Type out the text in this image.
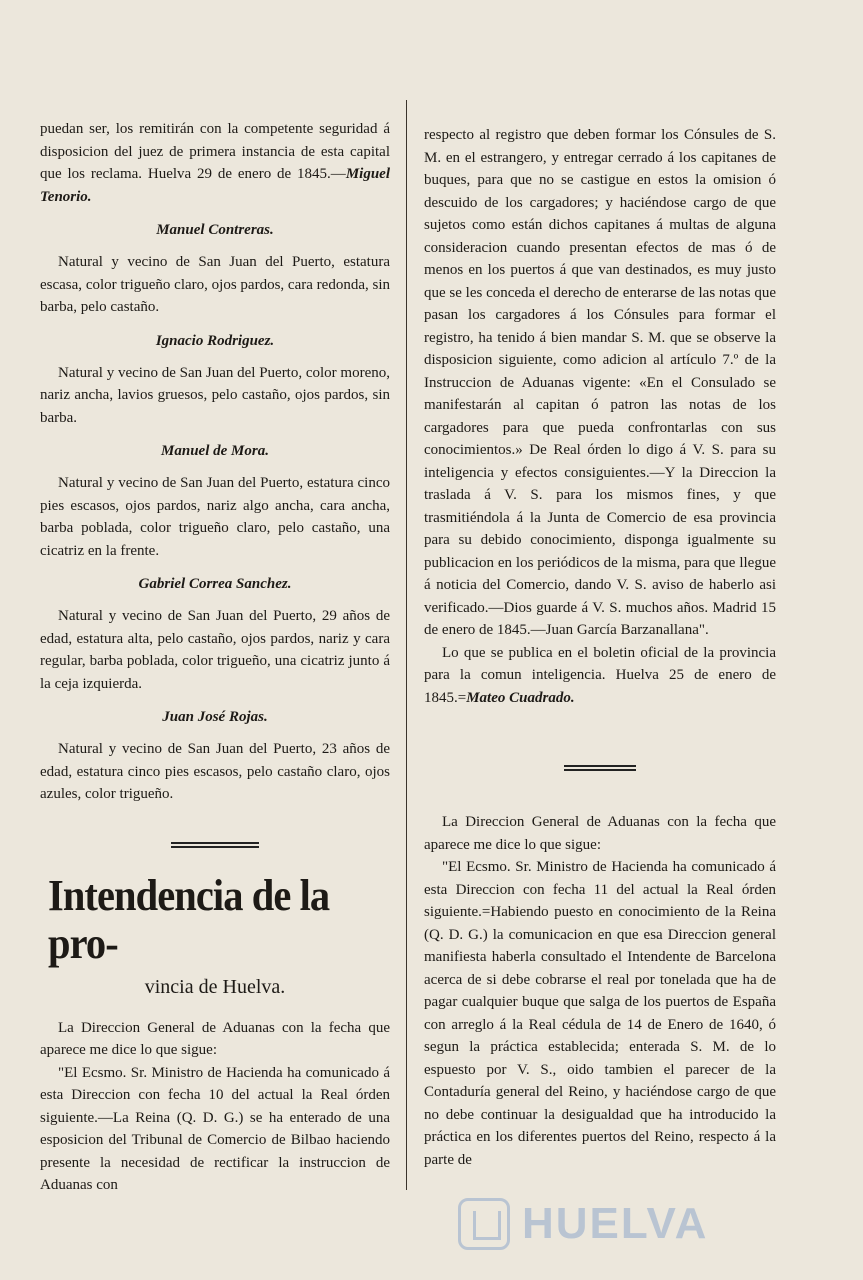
puedan ser, los remitirán con la competente seguridad á disposicion del juez de primera instancia de esta capital que los reclama. Huelva 29 de enero de 1845.—Miguel Tenorio.

Manuel Contreras.

Natural y vecino de San Juan del Puerto, estatura escasa, color trigueño claro, ojos pardos, cara redonda, sin barba, pelo castaño.

Ignacio Rodriguez.

Natural y vecino de San Juan del Puerto, color moreno, nariz ancha, lavios gruesos, pelo castaño, ojos pardos, sin barba.

Manuel de Mora.

Natural y vecino de San Juan del Puerto, estatura cinco pies escasos, ojos pardos, nariz algo ancha, cara ancha, barba poblada, color trigueño claro, pelo castaño, una cicatriz en la frente.

Gabriel Correa Sanchez.

Natural y vecino de San Juan del Puerto, 29 años de edad, estatura alta, pelo castaño, ojos pardos, nariz y cara regular, barba poblada, color trigueño, una cicatriz junto á la ceja izquierda.

Juan José Rojas.

Natural y vecino de San Juan del Puerto, 23 años de edad, estatura cinco pies escasos, pelo castaño claro, ojos azules, color trigueño.

Intendencia de la pro-
vincia de Huelva.

La Direccion General de Aduanas con la fecha que aparece me dice lo que sigue:

"El Ecsmo. Sr. Ministro de Hacienda ha comunicado á esta Direccion con fecha 10 del actual la Real órden siguiente.—La Reina (Q. D. G.) se ha enterado de una esposicion del Tribunal de Comercio de Bilbao haciendo presente la necesidad de rectificar la instruccion de Aduanas con

respecto al registro que deben formar los Cónsules de S. M. en el estrangero, y entregar cerrado á los capitanes de buques, para que no se castigue en estos la omision ó descuido de los cargadores; y haciéndose cargo de que sujetos como están dichos capitanes á multas de alguna consideracion cuando presentan efectos de mas ó de menos en los puertos á que van destinados, es muy justo que se les conceda el derecho de enterarse de las notas que pasan los cargadores á los Cónsules para formar el registro, ha tenido á bien mandar S. M. que se observe la disposicion siguiente, como adicion al artículo 7.º de la Instruccion de Aduanas vigente: «En el Consulado se manifestarán al capitan ó patron las notas de los cargadores para que pueda confrontarlas con sus conocimientos.» De Real órden lo digo á V. S. para su inteligencia y efectos consiguientes.—Y la Direccion la traslada á V. S. para los mismos fines, y que trasmitiéndola á la Junta de Comercio de esa provincia para su debido conocimiento, disponga igualmente su publicacion en los periódicos de la misma, para que llegue á noticia del Comercio, dando V. S. aviso de haberlo asi verificado.—Dios guarde á V. S. muchos años. Madrid 15 de enero de 1845.—Juan García Barzanallana".

Lo que se publica en el boletin oficial de la provincia para la comun inteligencia. Huelva 25 de enero de 1845.=Mateo Cuadrado.

La Direccion General de Aduanas con la fecha que aparece me dice lo que sigue:

"El Ecsmo. Sr. Ministro de Hacienda ha comunicado á esta Direccion con fecha 11 del actual la Real órden siguiente.=Habiendo puesto en conocimiento de la Reina (Q. D. G.) la comunicacion en que esa Direccion general manifiesta haberla consultado el Intendente de Barcelona acerca de si debe cobrarse el real por tonelada que ha de pagar cualquier buque que salga de los puertos de España con arreglo á la Real cédula de 14 de Enero de 1640, ó segun la práctica establecida; enterada S. M. de lo espuesto por V. S., oido tambien el parecer de la Contaduría general del Reino, y haciéndose cargo de que no debe continuar la desigualdad que ha introducido la práctica en los diferentes puertos del Reino, respecto á la parte de

HUELVA
